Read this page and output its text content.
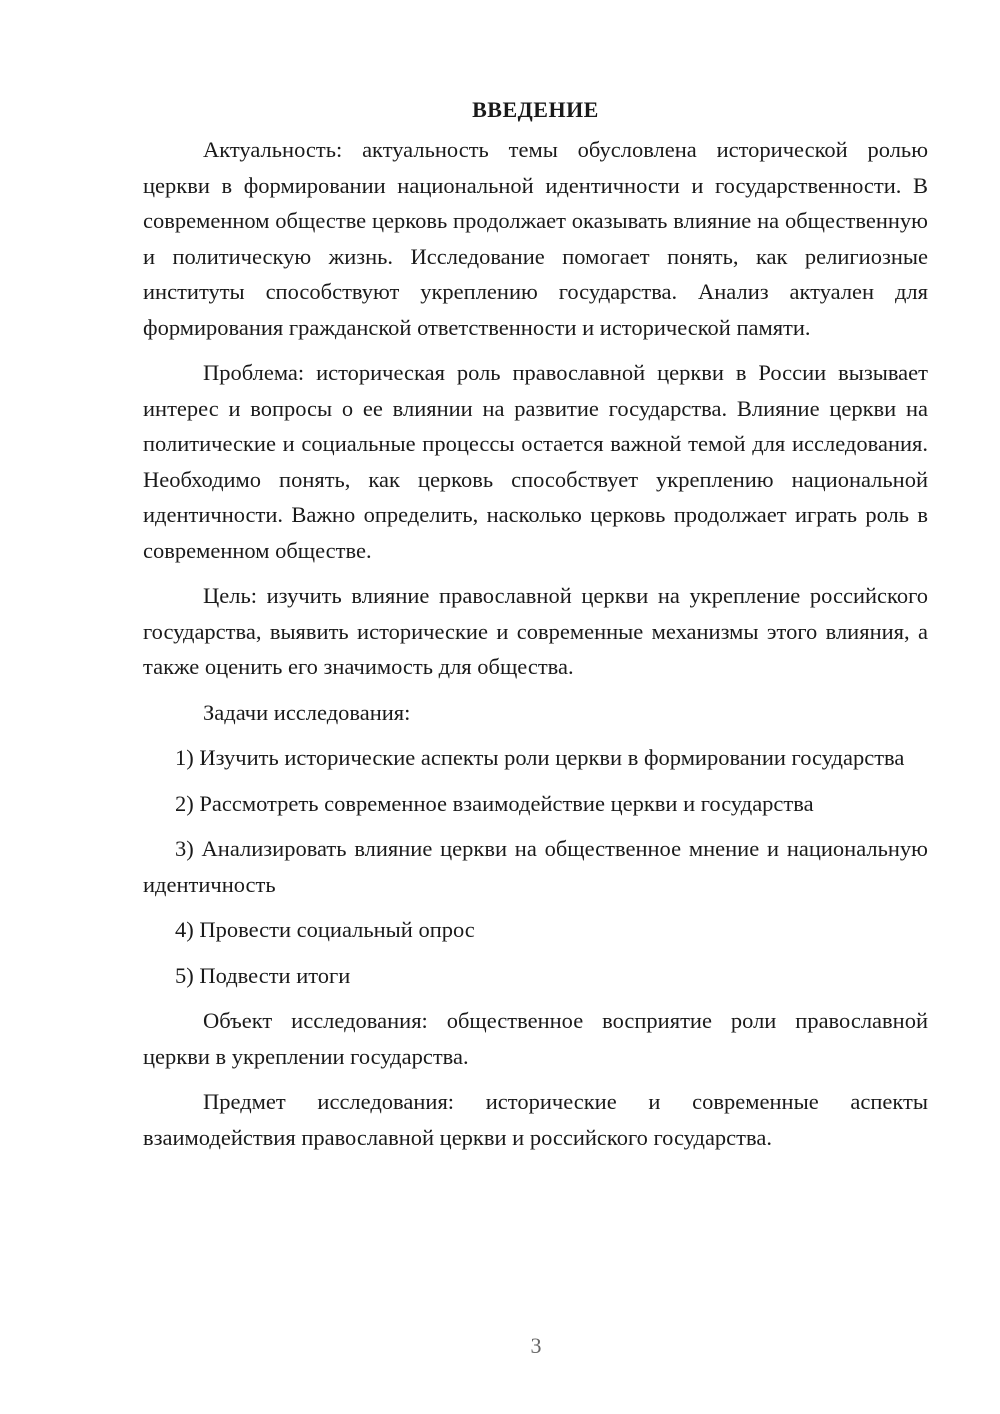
ВВЕДЕНИЕ

Актуальность: актуальность темы обусловлена исторической ролью церкви в формировании национальной идентичности и государственности. В современном обществе церковь продолжает оказывать влияние на общественную и политическую жизнь. Исследование помогает понять, как религиозные институты способствуют укреплению государства. Анализ актуален для формирования гражданской ответственности и исторической памяти.

Проблема: историческая роль православной церкви в России вызывает интерес и вопросы о ее влиянии на развитие государства. Влияние церкви на политические и социальные процессы остается важной темой для исследования. Необходимо понять, как церковь способствует укреплению национальной идентичности. Важно определить, насколько церковь продолжает играть роль в современном обществе.

Цель: изучить влияние православной церкви на укрепление российского государства, выявить исторические и современные механизмы этого влияния, а также оценить его значимость для общества.

Задачи исследования:

1) Изучить исторические аспекты роли церкви в формировании государства

2) Рассмотреть современное взаимодействие церкви и государства

3) Анализировать влияние церкви на общественное мнение и национальную идентичность

4) Провести социальный опрос

5) Подвести итоги

Объект исследования: общественное восприятие роли православной церкви в укреплении государства.

Предмет исследования: исторические и современные аспекты взаимодействия православной церкви и российского государства.

3
